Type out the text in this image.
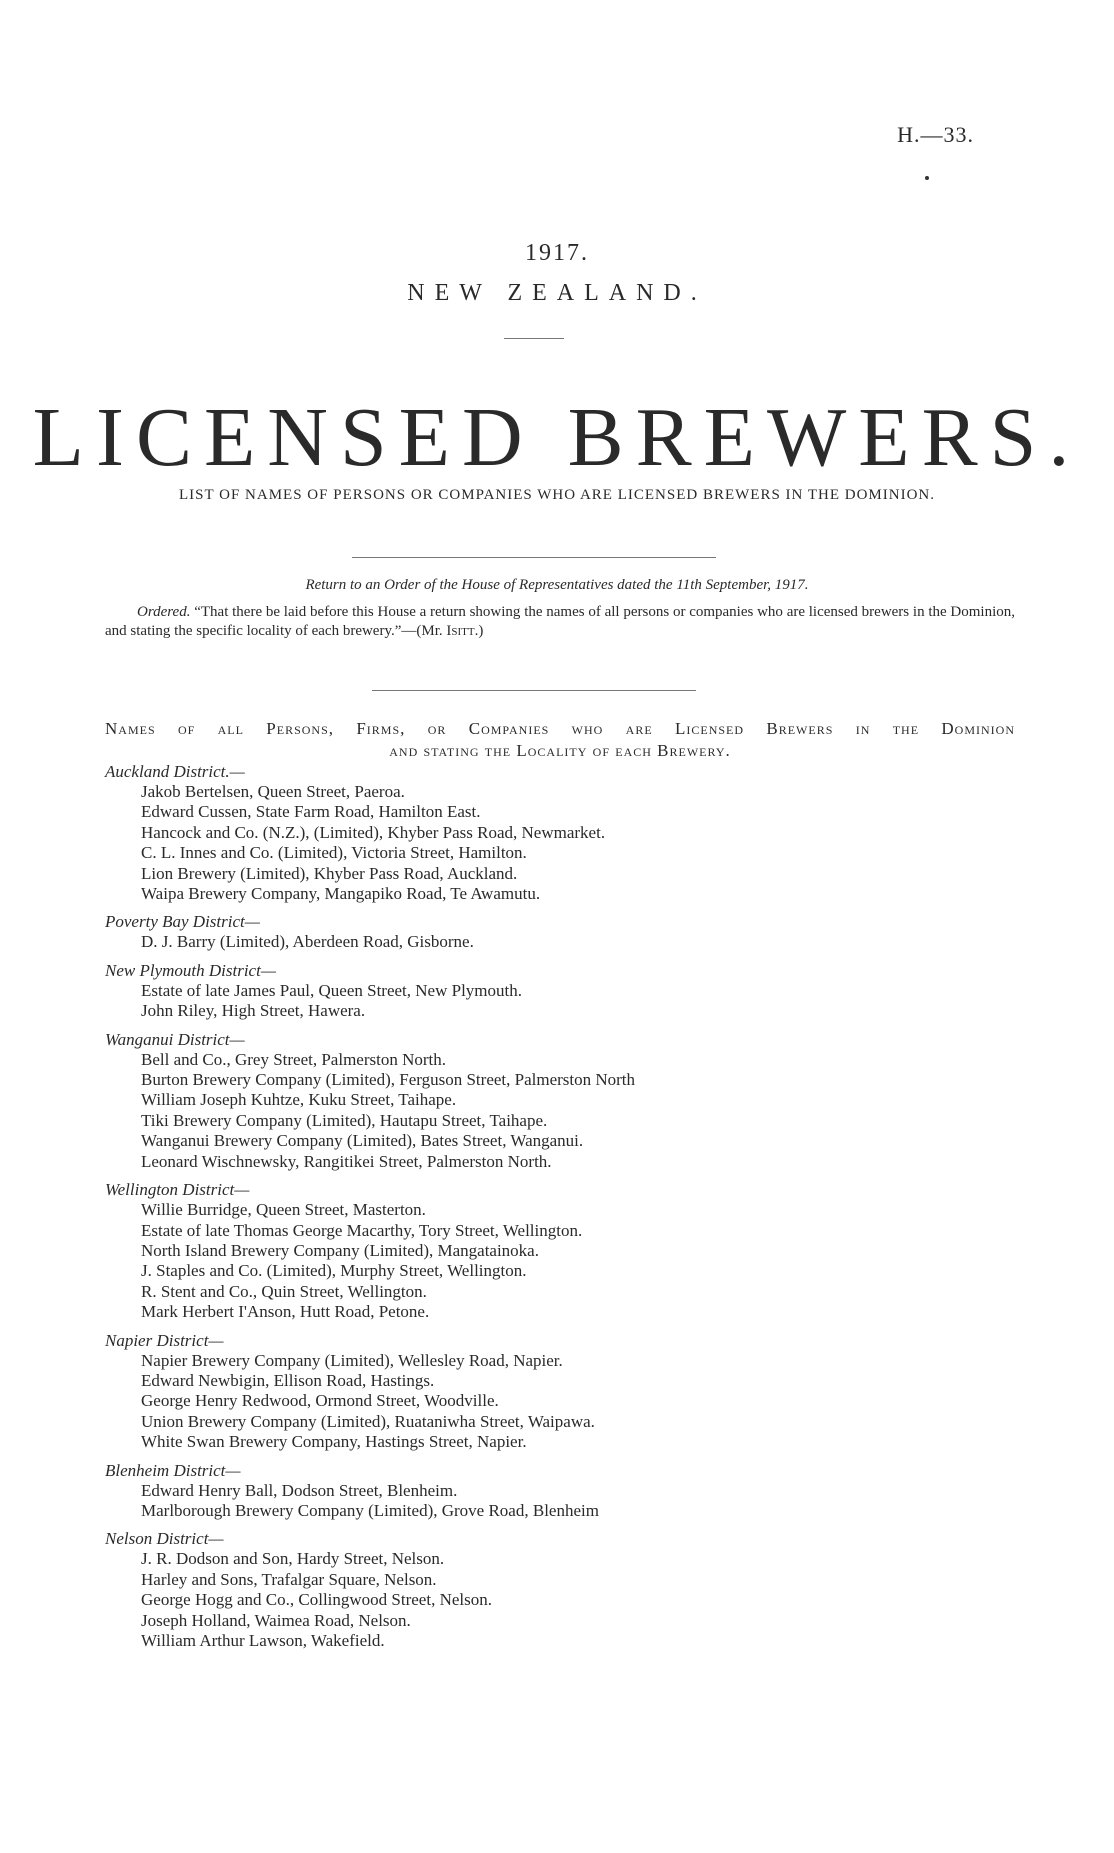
H.—33.
1917.
NEW ZEALAND.
LICENSED BREWERS.
LIST OF NAMES OF PERSONS OR COMPANIES WHO ARE LICENSED BREWERS IN THE DOMINION.
Return to an Order of the House of Representatives dated the 11th September, 1917.
Ordered. “That there be laid before this House a return showing the names of all persons or companies who are licensed brewers in the Dominion, and stating the specific locality of each brewery.”—(Mr. Isitt.)
Names of all Persons, Firms, or Companies who are Licensed Brewers in the Dominion
and stating the Locality of each Brewery.
Auckland District.—
Jakob Bertelsen, Queen Street, Paeroa.
Edward Cussen, State Farm Road, Hamilton East.
Hancock and Co. (N.Z.), (Limited), Khyber Pass Road, Newmarket.
C. L. Innes and Co. (Limited), Victoria Street, Hamilton.
Lion Brewery (Limited), Khyber Pass Road, Auckland.
Waipa Brewery Company, Mangapiko Road, Te Awamutu.
Poverty Bay District—
D. J. Barry (Limited), Aberdeen Road, Gisborne.
New Plymouth District—
Estate of late James Paul, Queen Street, New Plymouth.
John Riley, High Street, Hawera.
Wanganui District—
Bell and Co., Grey Street, Palmerston North.
Burton Brewery Company (Limited), Ferguson Street, Palmerston North
William Joseph Kuhtze, Kuku Street, Taihape.
Tiki Brewery Company (Limited), Hautapu Street, Taihape.
Wanganui Brewery Company (Limited), Bates Street, Wanganui.
Leonard Wischnewsky, Rangitikei Street, Palmerston North.
Wellington District—
Willie Burridge, Queen Street, Masterton.
Estate of late Thomas George Macarthy, Tory Street, Wellington.
North Island Brewery Company (Limited), Mangatainoka.
J. Staples and Co. (Limited), Murphy Street, Wellington.
R. Stent and Co., Quin Street, Wellington.
Mark Herbert I'Anson, Hutt Road, Petone.
Napier District—
Napier Brewery Company (Limited), Wellesley Road, Napier.
Edward Newbigin, Ellison Road, Hastings.
George Henry Redwood, Ormond Street, Woodville.
Union Brewery Company (Limited), Ruataniwha Street, Waipawa.
White Swan Brewery Company, Hastings Street, Napier.
Blenheim District—
Edward Henry Ball, Dodson Street, Blenheim.
Marlborough Brewery Company (Limited), Grove Road, Blenheim
Nelson District—
J. R. Dodson and Son, Hardy Street, Nelson.
Harley and Sons, Trafalgar Square, Nelson.
George Hogg and Co., Collingwood Street, Nelson.
Joseph Holland, Waimea Road, Nelson.
William Arthur Lawson, Wakefield.
